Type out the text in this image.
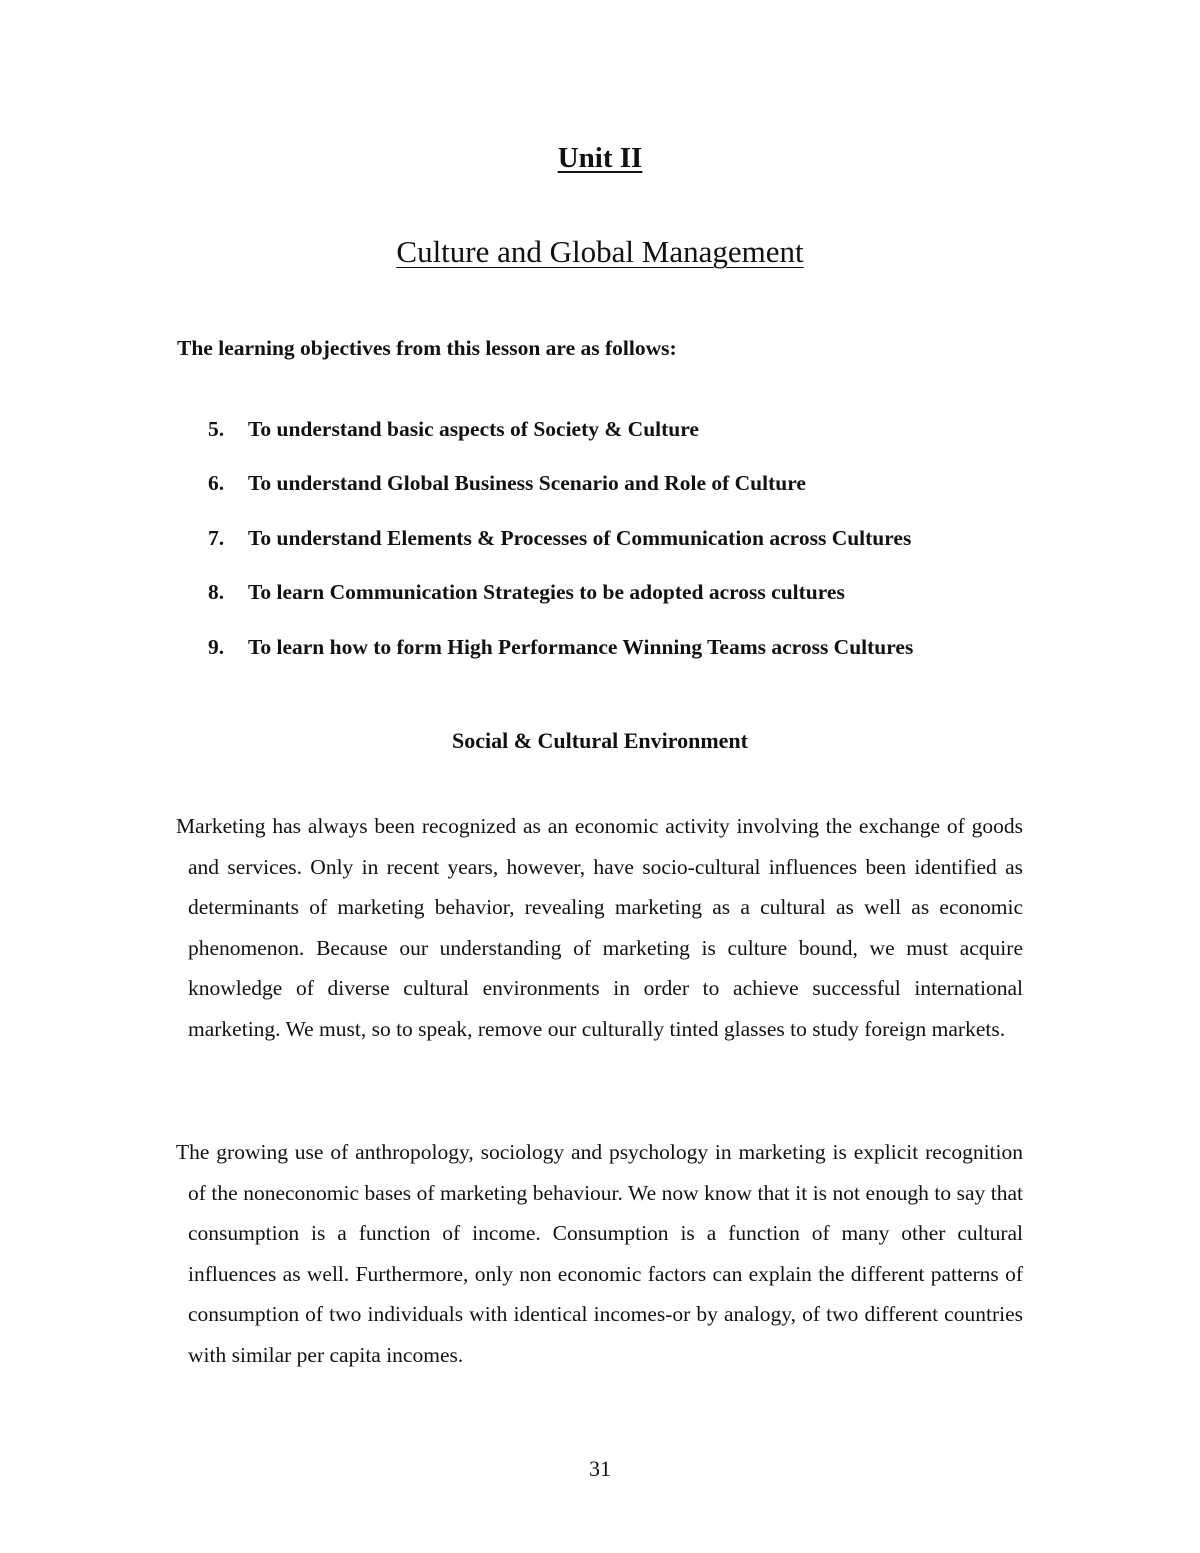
Unit II
Culture and Global Management
The learning objectives from this lesson are as follows:
5.	To understand basic aspects of Society & Culture
6.	To understand Global Business Scenario and Role of Culture
7.	To understand Elements & Processes of Communication across Cultures
8.	To learn Communication Strategies to be adopted across cultures
9.	To learn how to form High Performance Winning Teams across Cultures
Social & Cultural Environment

Marketing has always been recognized as an economic activity involving the exchange of goods and services. Only in recent years, however, have socio-cultural influences been identified as determinants of marketing behavior, revealing marketing as a cultural as well as economic phenomenon. Because our understanding of marketing is culture bound, we must acquire knowledge of diverse cultural environments in order to achieve successful international marketing. We must, so to speak, remove our culturally tinted glasses to study foreign markets.

The growing use of anthropology, sociology and psychology in marketing is explicit recognition of the noneconomic bases of marketing behaviour. We now know that it is not enough to say that consumption is a function of income. Consumption is a function of many other cultural influences as well. Furthermore, only non economic factors can explain the different patterns of consumption of two individuals with identical incomes-or by analogy, of two different countries with similar per capita incomes.

31
